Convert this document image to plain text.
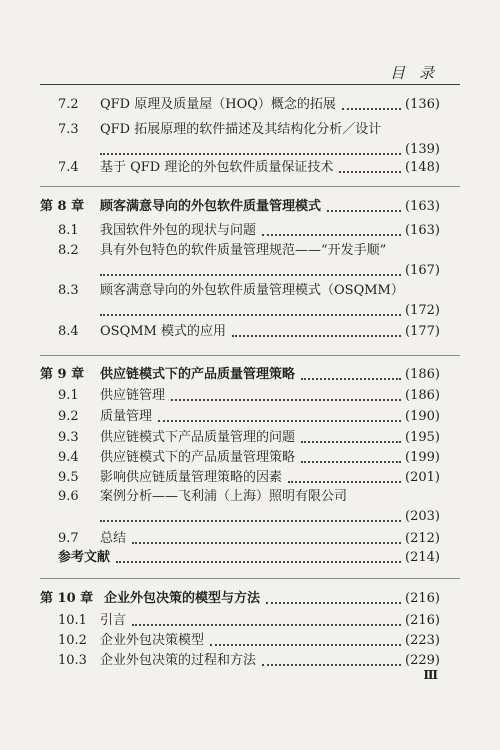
目录
7.2 QFD 原理及质量屋（HOQ）概念的拓展	(136)
7.3 QFD 拓展原理的软件描述及其结构化分析／设计
(139)
7.4 基于 QFD 理论的外包软件质量保证技术	(148)
第 8 章 顾客满意导向的外包软件质量管理模式	(163)
8.1 我国软件外包的现状与问题	(163)
8.2 具有外包特色的软件质量管理规范——“开发手顺”
(167)
8.3 顾客满意导向的外包软件质量管理模式（OSQMM）
(172)
8.4 OSQMM 模式的应用	(177)
第 9 章 供应链模式下的产品质量管理策略	(186)
9.1 供应链管理	(186)
9.2 质量管理	(190)
9.3 供应链模式下产品质量管理的问题	(195)
9.4 供应链模式下的产品质量管理策略	(199)
9.5 影响供应链质量管理策略的因素	(201)
9.6 案例分析——飞利浦（上海）照明有限公司
(203)
9.7 总结	(212)
参考文献	(214)
第 10 章 企业外包决策的模型与方法	(216)
10.1 引言	(216)
10.2 企业外包决策模型	(223)
10.3 企业外包决策的过程和方法	(229)
Ⅲ
